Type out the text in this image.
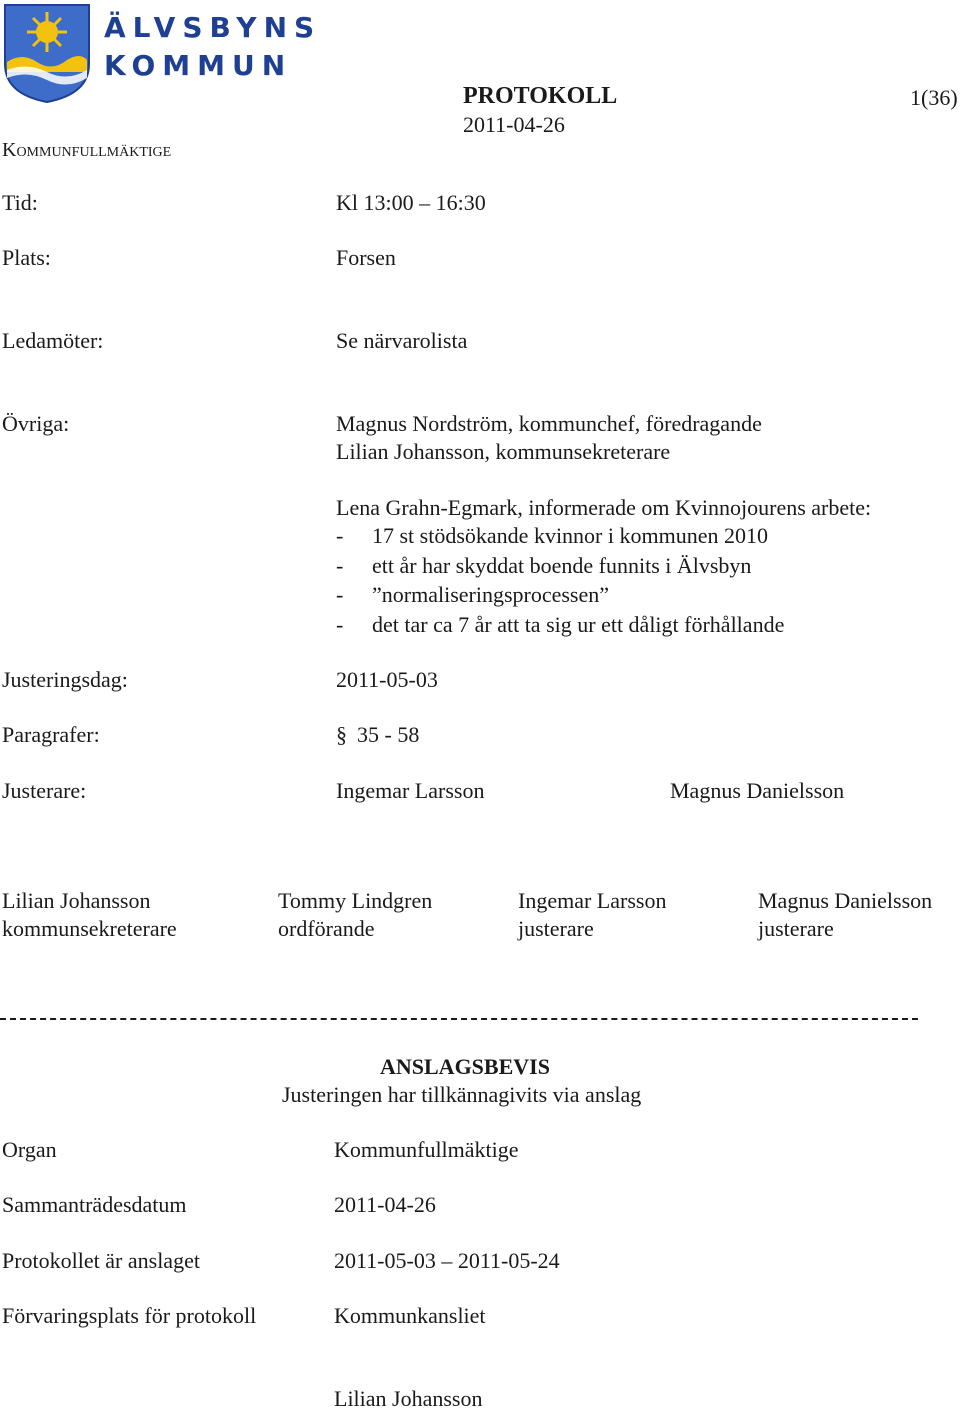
ÄLVSBYNS
KOMMUN
PROTOKOLL
2011-04-26
1(36)
Kommunfullmäktige
Tid:	Kl 13:00 – 16:30
Plats:	Forsen
Ledamöter:	Se närvarolista
Övriga:	Magnus Nordström, kommunchef, föredragande
Lilian Johansson, kommunsekreterare
Lena Grahn-Egmark, informerade om Kvinnojourens arbete:
- 17 st stödsökande kvinnor i kommunen 2010
- ett år har skyddat boende funnits i Älvsbyn
- ”normaliseringsprocessen”
- det tar ca 7 år att ta sig ur ett dåligt förhållande
Justeringsdag:	2011-05-03
Paragrafer:	§ 35 - 58
Justerare:	Ingemar Larsson	Magnus Danielsson
Lilian Johansson
kommunsekreterare
Tommy Lindgren
ordförande
Ingemar Larsson
justerare
Magnus Danielsson
justerare
ANSLAGSBEVIS
Justeringen har tillkännagivits via anslag
Organ	Kommunfullmäktige
Sammanträdesdatum	2011-04-26
Protokollet är anslaget	2011-05-03 – 2011-05-24
Förvaringsplats för protokoll	Kommunkansliet
Lilian Johansson
